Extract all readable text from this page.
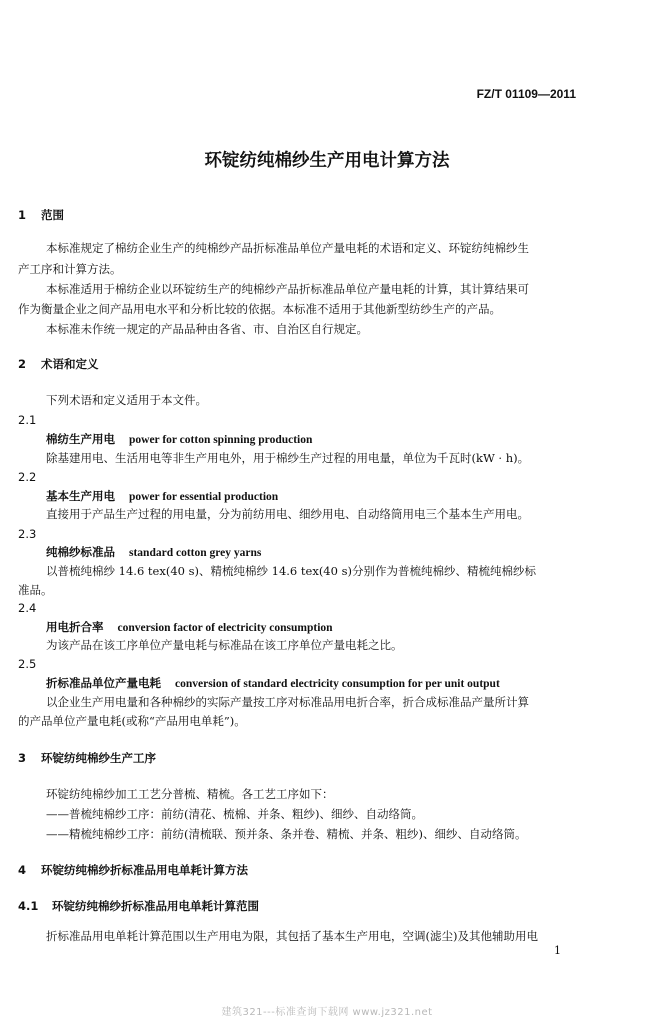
FZ/T 01109—2011
环锭纺纯棉纱生产用电计算方法
1 范围
本标准规定了棉纺企业生产的纯棉纱产品折标准品单位产量电耗的术语和定义、环锭纺纯棉纱生
产工序和计算方法。
本标准适用于棉纺企业以环锭纺生产的纯棉纱产品折标准品单位产量电耗的计算，其计算结果可
作为衡量企业之间产品用电水平和分析比较的依据。本标准不适用于其他新型纺纱生产的产品。
本标准未作统一规定的产品品种由各省、市、自治区自行规定。
2 术语和定义
下列术语和定义适用于本文件。
2.1
棉纺生产用电 power for cotton spinning production
除基建用电、生活用电等非生产用电外，用于棉纱生产过程的用电量，单位为千瓦时(kW · h)。
2.2
基本生产用电 power for essential production
直接用于产品生产过程的用电量，分为前纺用电、细纱用电、自动络筒用电三个基本生产用电。
2.3
纯棉纱标准品 standard cotton grey yarns
以普梳纯棉纱 14.6 tex(40 s)、精梳纯棉纱 14.6 tex(40 s)分别作为普梳纯棉纱、精梳纯棉纱标
准品。
2.4
用电折合率 conversion factor of electricity consumption
为该产品在该工序单位产量电耗与标准品在该工序单位产量电耗之比。
2.5
折标准品单位产量电耗 conversion of standard electricity consumption for per unit output
以企业生产用电量和各种棉纱的实际产量按工序对标准品用电折合率，折合成标准品产量所计算
的产品单位产量电耗(或称“产品用电单耗”)。
3 环锭纺纯棉纱生产工序
环锭纺纯棉纱加工工艺分普梳、精梳。各工艺工序如下：
——普梳纯棉纱工序：前纺(清花、梳棉、并条、粗纱)、细纱、自动络筒。
——精梳纯棉纱工序：前纺(清梳联、预并条、条并卷、精梳、并条、粗纱)、细纱、自动络筒。
4 环锭纺纯棉纱折标准品用电单耗计算方法
4.1 环锭纺纯棉纱折标准品用电单耗计算范围
折标准品用电单耗计算范围以生产用电为限，其包括了基本生产用电，空调(滤尘)及其他辅助用电
1
建筑321---标准查询下载网 www.jz321.net
